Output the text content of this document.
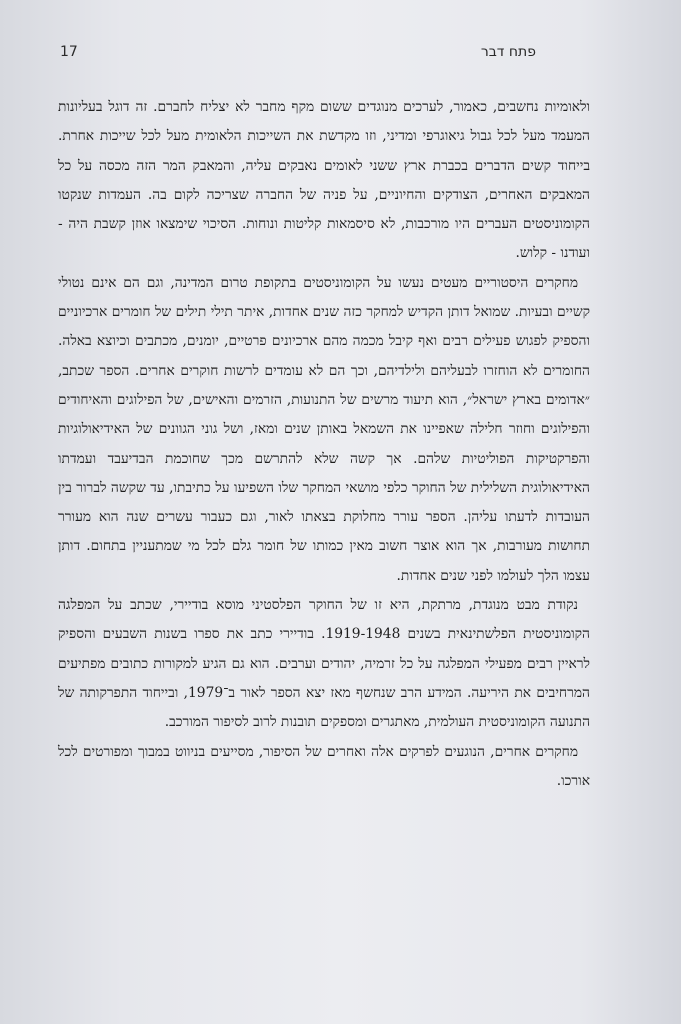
פתח דבר
17

ולאומיות נחשבים, כאמור, לערכים מנוגדים ששום מקף מחבר לא יצליח לחברם. זה דוגל בעליונות המעמד מעל לכל גבול גיאוגרפי ומדיני, וזו מקדשת את השייכות הלאומית מעל לכל שייכות אחרת. בייחוד קשים הדברים בכברת ארץ ששני לאומים נאבקים עליה, והמאבק המר הזה מכסה על כל המאבקים האחרים, הצודקים והחיוניים, על פניה של החברה שצריכה לקום בה. העמדות שנקטו הקומוניסטים העברים היו מורכבות, לא סיסמאות קליטות ונוחות. הסיכוי שימצאו אוזן קשבת היה - ועודנו - קלוש.

מחקרים היסטוריים מעטים נעשו על הקומוניסטים בתקופת טרום המדינה, וגם הם אינם נטולי קשיים ובעיות. שמואל דותן הקדיש למחקר כזה שנים אחדות, איתר תילי תילים של חומרים ארכיוניים והספיק לפגוש פעילים רבים ואף קיבל מכמה מהם ארכיונים פרטיים, יומנים, מכתבים וכיוצא באלה. החומרים לא הוחזרו לבעליהם ולילדיהם, וכך הם לא עומדים לרשות חוקרים אחרים. הספר שכתב, ״אדומים בארץ ישראל״, הוא תיעוד מרשים של התנועות, הזרמים והאישים, של הפילוגים והאיחודים והפילוגים וחוזר חלילה שאפיינו את השמאל באותן שנים ומאז, ושל גוני הגוונים של האידיאולוגיות והפרקטיקות הפוליטיות שלהם. אך קשה שלא להתרשם מכך שחוכמת הבדיעבד ועמדתו האידיאולוגית השלילית של החוקר כלפי מושאי המחקר שלו השפיעו על כתיבתו, עד שקשה לברור בין העובדות לדעתו עליהן. הספר עורר מחלוקת בצאתו לאור, וגם כעבור עשרים שנה הוא מעורר תחושות מעורבות, אך הוא אוצר חשוב מאין כמותו של חומר גלם לכל מי שמתעניין בתחום. דותן עצמו הלך לעולמו לפני שנים אחדות.

נקודת מבט מנוגדת, מרתקת, היא זו של החוקר הפלסטיני מוסא בודיירי, שכתב על המפלגה הקומוניסטית הפלשתינאית בשנים 1919-1948. בודיירי כתב את ספרו בשנות השבעים והספיק לראיין רבים מפעילי המפלגה על כל זרמיה, יהודים וערבים. הוא גם הגיע למקורות כתובים מפתיעים המרחיבים את היריעה. המידע הרב שנחשף מאז יצא הספר לאור ב־1979, ובייחוד התפרקותה של התנועה הקומוניסטית העולמית, מאתגרים ומספקים תובנות לרוב לסיפור המורכב.

מחקרים אחרים, הנוגעים לפרקים אלה ואחרים של הסיפור, מסייעים בניווט במבוך ומפורטים לכל אורכו.
